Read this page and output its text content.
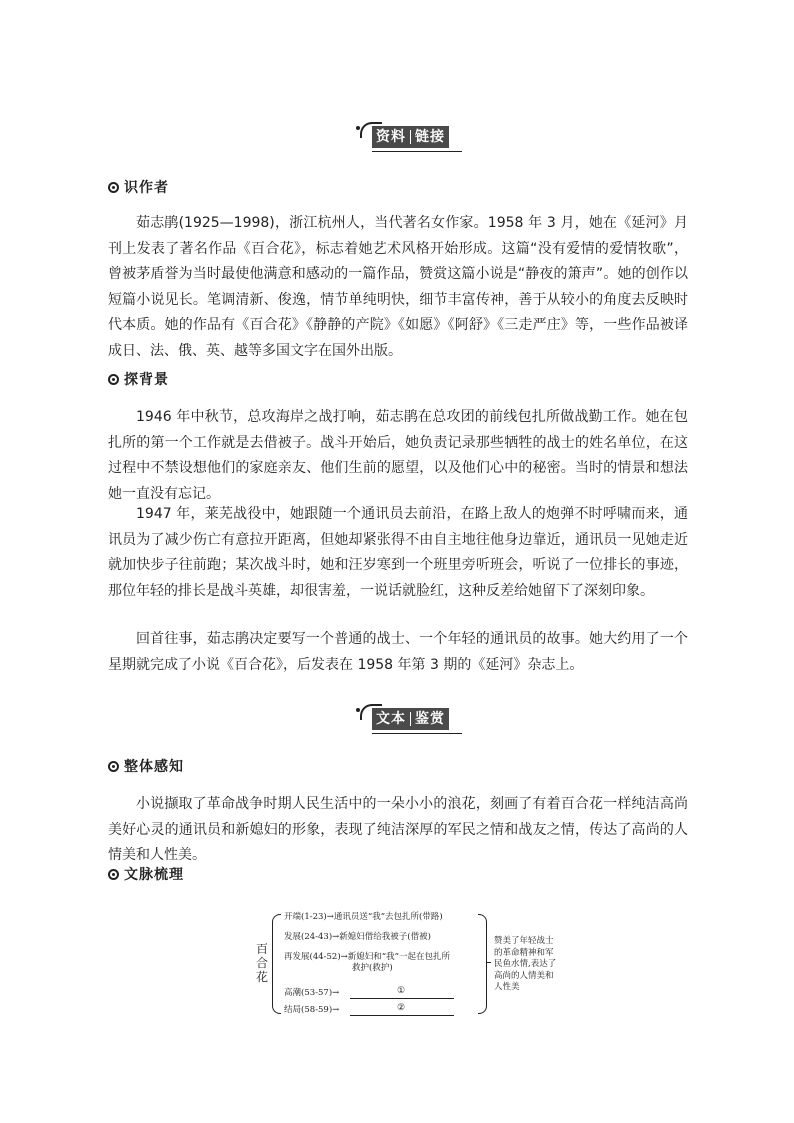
资料 链接
识作者

茹志鹃(1925—1998)，浙江杭州人，当代著名女作家。1958 年 3 月，她在《延河》月刊上发表了著名作品《百合花》，标志着她艺术风格开始形成。这篇“没有爱情的爱情牧歌”，曾被茅盾誉为当时最使他满意和感动的一篇作品，赞赏这篇小说是“静夜的箫声”。她的创作以短篇小说见长。笔调清新、俊逸，情节单纯明快，细节丰富传神，善于从较小的角度去反映时代本质。她的作品有《百合花》《静静的产院》《如愿》《阿舒》《三走严庄》等，一些作品被译成日、法、俄、英、越等多国文字在国外出版。

探背景

1946 年中秋节，总攻海岸之战打响，茹志鹃在总攻团的前线包扎所做战勤工作。她在包扎所的第一个工作就是去借被子。战斗开始后，她负责记录那些牺牲的战士的姓名单位，在这过程中不禁设想他们的家庭亲友、他们生前的愿望，以及他们心中的秘密。当时的情景和想法她一直没有忘记。

1947 年，莱芜战役中，她跟随一个通讯员去前沿，在路上敌人的炮弹不时呼啸而来，通讯员为了减少伤亡有意拉开距离，但她却紧张得不由自主地往他身边靠近，通讯员一见她走近就加快步子往前跑；某次战斗时，她和汪岁寒到一个班里旁听班会，听说了一位排长的事迹，那位年轻的排长是战斗英雄，却很害羞，一说话就脸红，这种反差给她留下了深刻印象。

回首往事，茹志鹃决定要写一个普通的战士、一个年轻的通讯员的故事。她大约用了一个星期就完成了小说《百合花》，后发表在 1958 年第 3 期的《延河》杂志上。

文本 鉴赏
整体感知

小说撷取了革命战争时期人民生活中的一朵小小的浪花，刻画了有着百合花一样纯洁高尚美好心灵的通讯员和新媳妇的形象，表现了纯洁深厚的军民之情和战友之情，传达了高尚的人情美和人性美。

文脉梳理
百合花
开端(1-23)→通讯员送“我”去包扎所(带路)
发展(24-43)→新媳妇借给我被子(借被)
再发展(44-52)→新媳妇和“我”一起在包扎所
救护(救护)
高潮(53-57)→	①
结局(58-59)→	②
赞美了年轻战士的革命精神和军民鱼水情,表达了高尚的人情美和人性美
